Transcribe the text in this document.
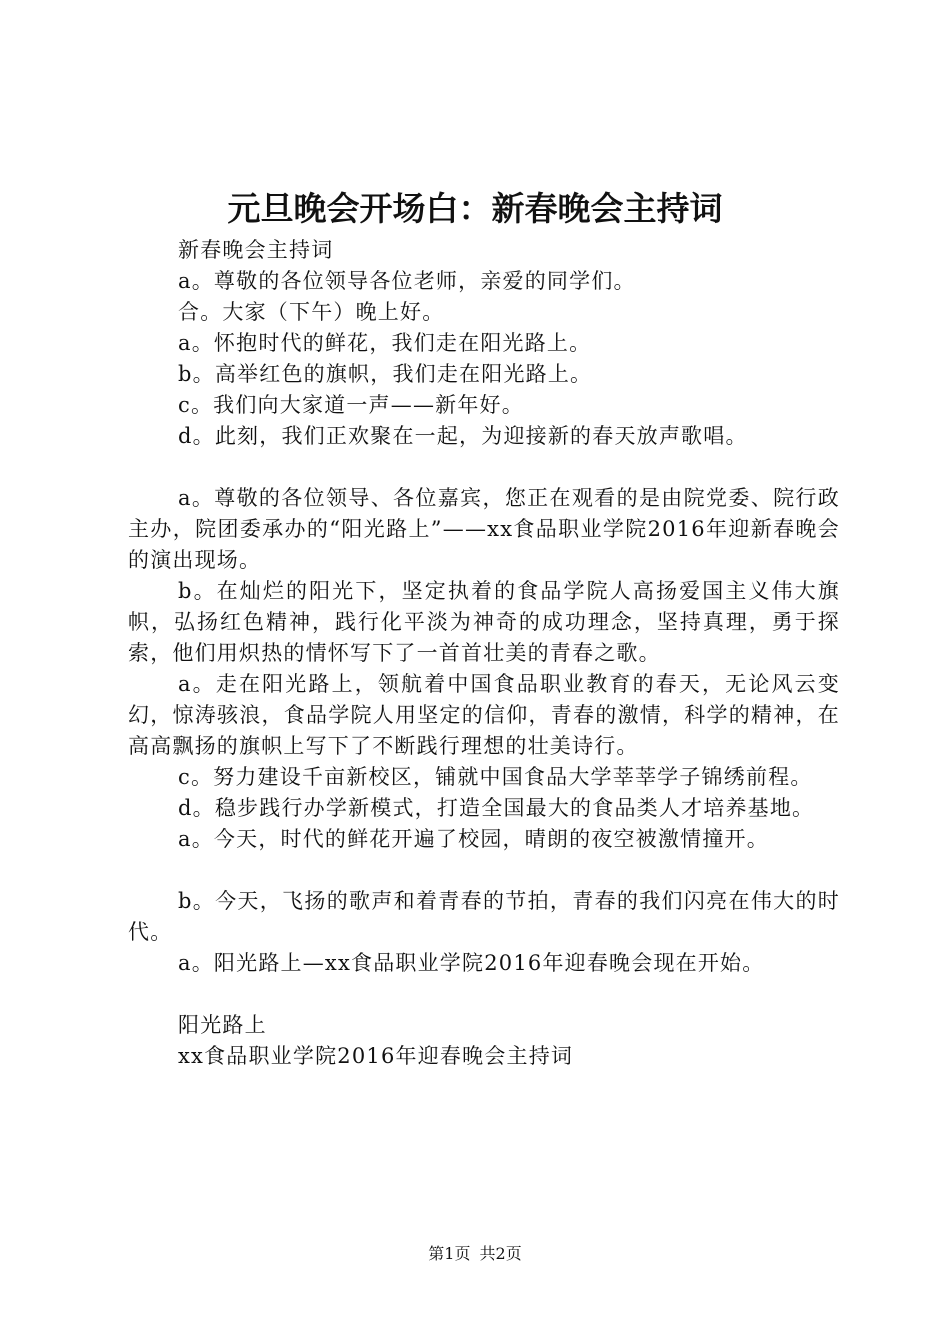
元旦晚会开场白：新春晚会主持词
新春晚会主持词
a。尊敬的各位领导各位老师，亲爱的同学们。
合。大家（下午）晚上好。
a。怀抱时代的鲜花，我们走在阳光路上。
b。高举红色的旗帜，我们走在阳光路上。
c。我们向大家道一声——新年好。
d。此刻，我们正欢聚在一起，为迎接新的春天放声歌唱。
a。尊敬的各位领导、各位嘉宾，您正在观看的是由院党委、院行政主办，院团委承办的“阳光路上”——xx食品职业学院2016年迎新春晚会的演出现场。
b。在灿烂的阳光下，坚定执着的食品学院人高扬爱国主义伟大旗帜，弘扬红色精神，践行化平淡为神奇的成功理念，坚持真理，勇于探索，他们用炽热的情怀写下了一首首壮美的青春之歌。
a。走在阳光路上，领航着中国食品职业教育的春天，无论风云变幻，惊涛骇浪，食品学院人用坚定的信仰，青春的激情，科学的精神，在高高飘扬的旗帜上写下了不断践行理想的壮美诗行。
c。努力建设千亩新校区，铺就中国食品大学莘莘学子锦绣前程。
d。稳步践行办学新模式，打造全国最大的食品类人才培养基地。
a。今天，时代的鲜花开遍了校园，晴朗的夜空被激情撞开。
b。今天，飞扬的歌声和着青春的节拍，青春的我们闪亮在伟大的时代。
a。阳光路上—xx食品职业学院2016年迎春晚会现在开始。
阳光路上
xx食品职业学院2016年迎春晚会主持词
第1页 共2页
